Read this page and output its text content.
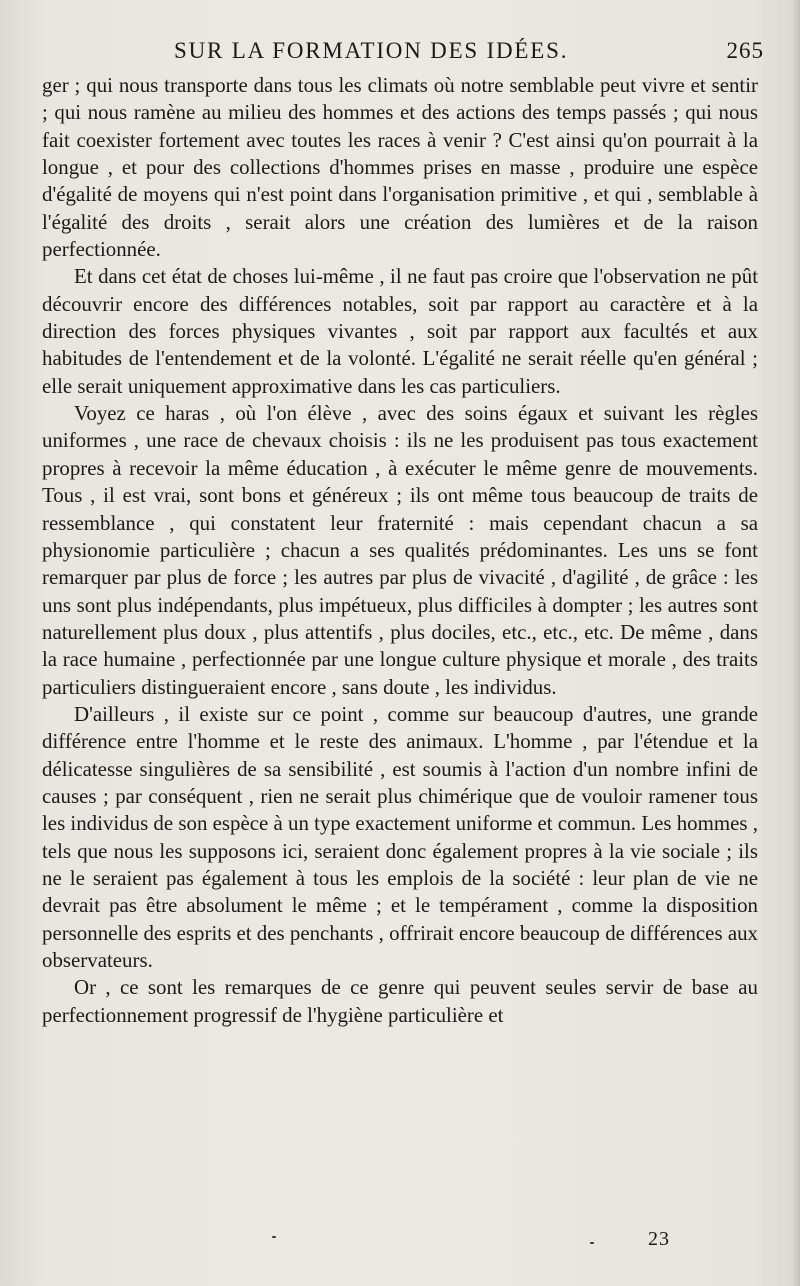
SUR LA FORMATION DES IDÉES.	265

ger ; qui nous transporte dans tous les climats où notre semblable peut vivre et sentir ; qui nous ramène au milieu des hommes et des actions des temps passés ; qui nous fait coexister fortement avec toutes les races à venir ? C'est ainsi qu'on pourrait à la longue , et pour des collections d'hommes prises en masse , produire une espèce d'égalité de moyens qui n'est point dans l'organisation primitive , et qui , semblable à l'égalité des droits , serait alors une création des lumières et de la raison perfectionnée.

Et dans cet état de choses lui-même , il ne faut pas croire que l'observation ne pût découvrir encore des différences notables, soit par rapport au caractère et à la direction des forces physiques vivantes , soit par rapport aux facultés et aux habitudes de l'entendement et de la volonté. L'égalité ne serait réelle qu'en général ; elle serait uniquement approximative dans les cas particuliers.

Voyez ce haras , où l'on élève , avec des soins égaux et suivant les règles uniformes , une race de chevaux choisis : ils ne les produisent pas tous exactement propres à recevoir la même éducation , à exécuter le même genre de mouvements. Tous , il est vrai, sont bons et généreux ; ils ont même tous beaucoup de traits de ressemblance , qui constatent leur fraternité : mais cependant chacun a sa physionomie particulière ; chacun a ses qualités prédominantes. Les uns se font remarquer par plus de force ; les autres par plus de vivacité , d'agilité , de grâce : les uns sont plus indépendants, plus impétueux, plus difficiles à dompter ; les autres sont naturellement plus doux , plus attentifs , plus dociles, etc., etc., etc. De même , dans la race humaine , perfectionnée par une longue culture physique et morale , des traits particuliers distingueraient encore , sans doute , les individus.

D'ailleurs , il existe sur ce point , comme sur beaucoup d'autres, une grande différence entre l'homme et le reste des animaux. L'homme , par l'étendue et la délicatesse singulières de sa sensibilité , est soumis à l'action d'un nombre infini de causes ; par conséquent , rien ne serait plus chimérique que de vouloir ramener tous les individus de son espèce à un type exactement uniforme et commun. Les hommes , tels que nous les supposons ici, seraient donc également propres à la vie sociale ; ils ne le seraient pas également à tous les emplois de la société : leur plan de vie ne devrait pas être absolument le même ; et le tempérament , comme la disposition personnelle des esprits et des penchants , offrirait encore beaucoup de différences aux observateurs.

Or , ce sont les remarques de ce genre qui peuvent seules servir de base au perfectionnement progressif de l'hygiène particulière et

23
